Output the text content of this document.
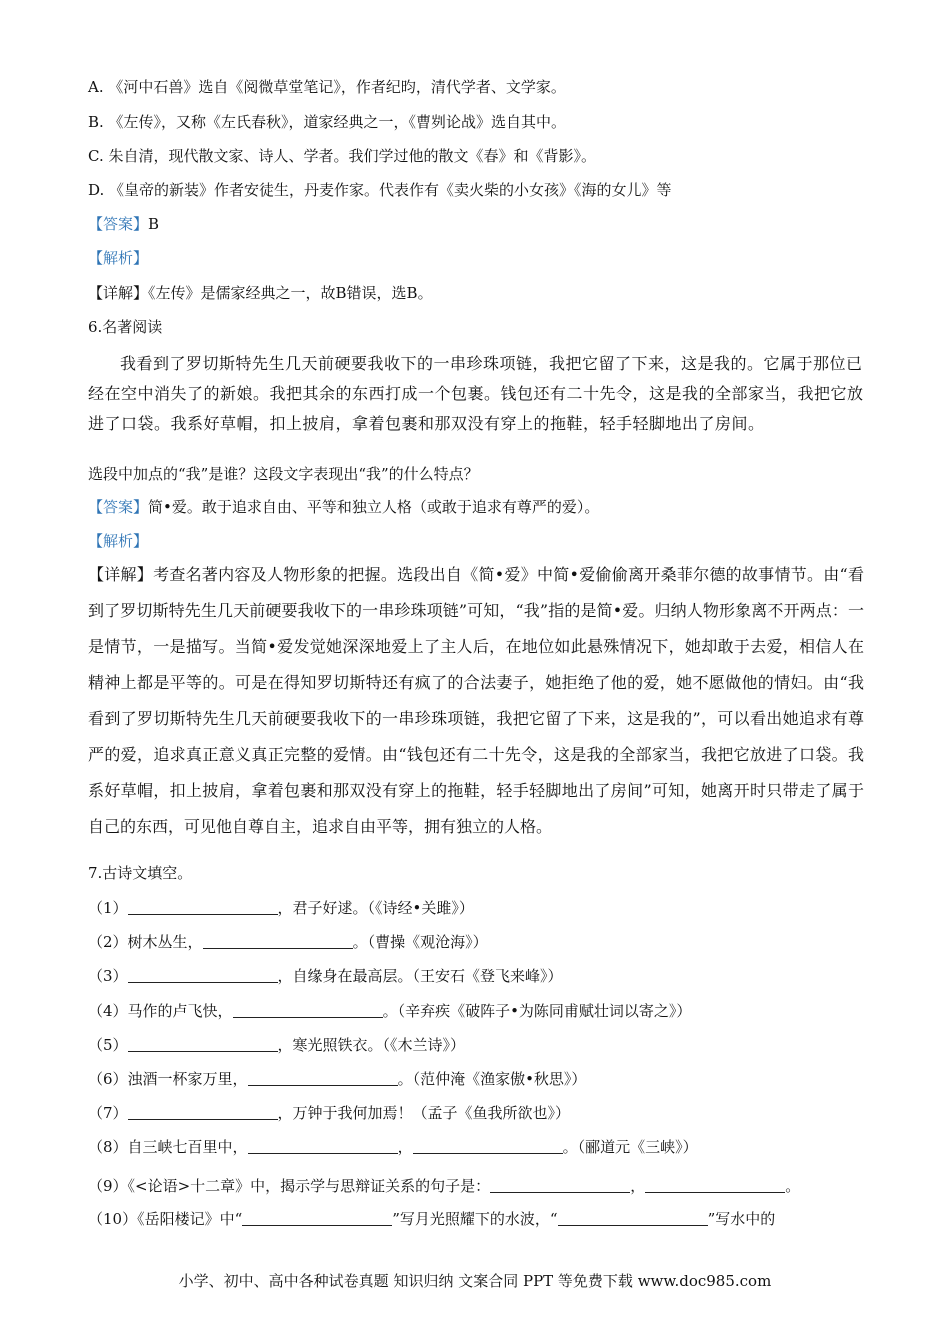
A. 《河中石兽》选自《阅微草堂笔记》，作者纪昀，清代学者、文学家。
B. 《左传》，又称《左氏春秋》，道家经典之一，《曹刿论战》选自其中。
C. 朱自清，现代散文家、诗人、学者。我们学过他的散文《春》和《背影》。
D. 《皇帝的新装》作者安徒生，丹麦作家。代表作有《卖火柴的小女孩》《海的女儿》等
【答案】B
【解析】
【详解】《左传》是儒家经典之一，故B错误，选B。
6.名著阅读
我看到了罗切斯特先生几天前硬要我收下的一串珍珠项链，我把它留了下来，这是我的。它属于那位已经在空中消失了的新娘。我把其余的东西打成一个包裹。钱包还有二十先令，这是我的全部家当，我把它放进了口袋。我系好草帽，扣上披肩，拿着包裹和那双没有穿上的拖鞋，轻手轻脚地出了房间。
选段中加点的“我”是谁？这段文字表现出“我”的什么特点？
【答案】简•爱。敢于追求自由、平等和独立人格（或敢于追求有尊严的爱）。
【解析】
【详解】考查名著内容及人物形象的把握。选段出自《简•爱》中简•爱偷偷离开桑菲尔德的故事情节。由“看到了罗切斯特先生几天前硬要我收下的一串珍珠项链”可知，“我”指的是简•爱。归纳人物形象离不开两点：一是情节，一是描写。当简•爱发觉她深深地爱上了主人后，在地位如此悬殊情况下，她却敢于去爱，相信人在精神上都是平等的。可是在得知罗切斯特还有疯了的合法妻子，她拒绝了他的爱，她不愿做他的情妇。由“我看到了罗切斯特先生几天前硬要我收下的一串珍珠项链，我把它留了下来，这是我的”，可以看出她追求有尊严的爱，追求真正意义真正完整的爱情。由“钱包还有二十先令，这是我的全部家当，我把它放进了口袋。我系好草帽，扣上披肩，拿着包裹和那双没有穿上的拖鞋，轻手轻脚地出了房间”可知，她离开时只带走了属于自己的东西，可见他自尊自主，追求自由平等，拥有独立的人格。
7.古诗文填空。
（1）	，君子好逑。（《诗经•关雎》）
（2）树木丛生，	。（曹操《观沧海》）
（3）	，自缘身在最高层。（王安石《登飞来峰》）
（4）马作的卢飞快，	。（辛弃疾《破阵子•为陈同甫赋壮词以寄之》）
（5）	，寒光照铁衣。（《木兰诗》）
（6）浊酒一杯家万里，	。（范仲淹《渔家傲•秋思》）
（7）	，万钟于我何加焉！（孟子《鱼我所欲也》）
（8）自三峡七百里中，	，	。（郦道元《三峡》）
（9）《<论语>十二章》中，揭示学与思辩证关系的句子是：	，	。
（10）《岳阳楼记》中“	”写月光照耀下的水波，“	”写水中的
小学、初中、高中各种试卷真题 知识归纳 文案合同 PPT 等免费下载 www.doc985.com
